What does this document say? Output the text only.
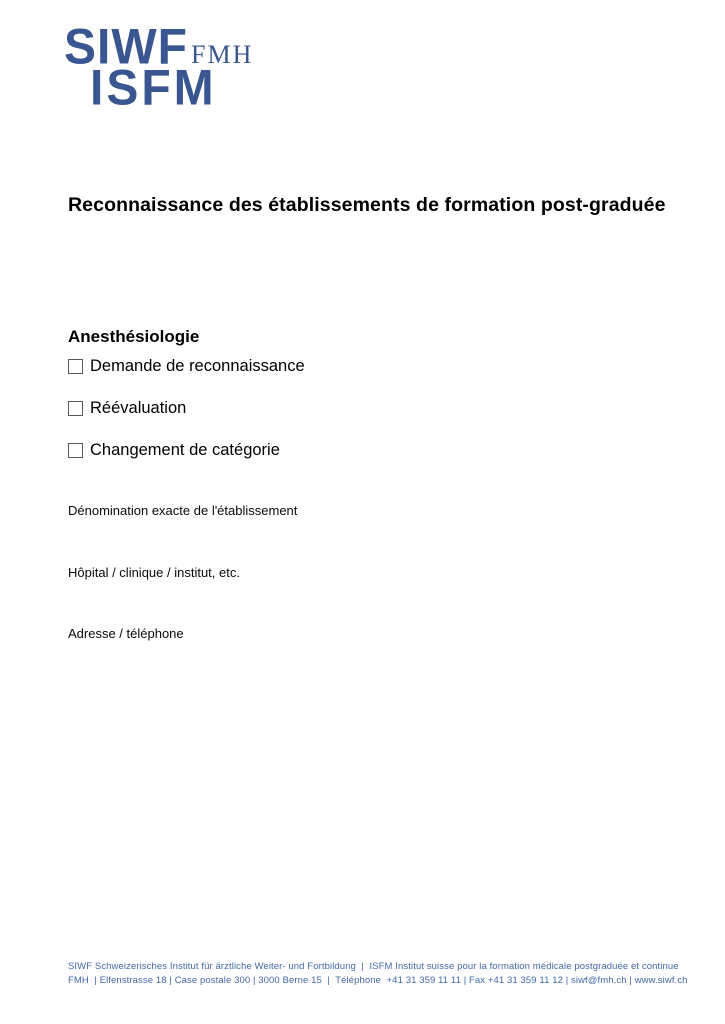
SIWF FMH
ISFM
Reconnaissance des établissements de formation post-graduée
Anesthésiologie
Demande de reconnaissance
Réévaluation
Changement de catégorie
Dénomination exacte de l'établissement
Hôpital / clinique / institut, etc.
Adresse / téléphone
SIWF Schweizerisches Institut für ärztliche Weiter- und Fortbildung  |  ISFM Institut suisse pour la formation médicale postgraduée et continue
FMH  | Elfenstrasse 18 | Case postale 300 | 3000 Berne 15  |  Téléphone  +41 31 359 11 11 | Fax +41 31 359 11 12 | siwf@fmh.ch | www.siwf.ch
